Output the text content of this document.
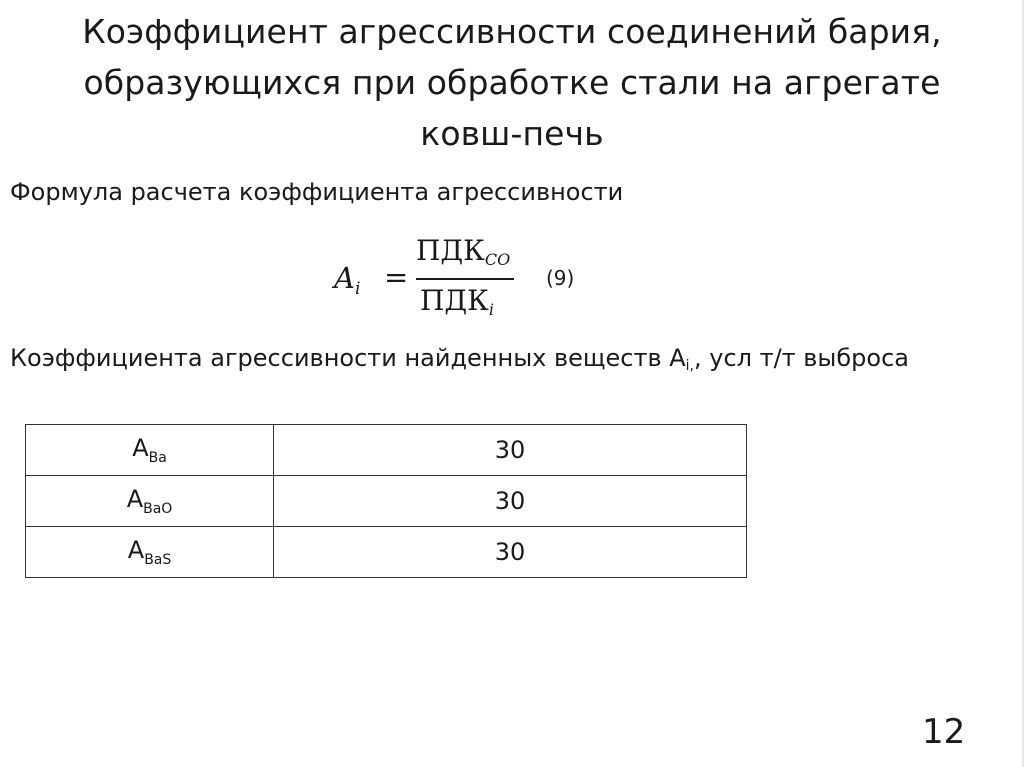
Коэффициент агрессивности соединений бария,
образующихся при обработке стали на агрегате
ковш-печь
Формула расчета коэффициента агрессивности
$A_i$ =
$ПДК_{CO}$
$ПДК_i$
(9)
Коэффициента агрессивности найденных веществ $А_{i,}$, усл т/т выброса
$А_{Ba}$	30
$А_{BaO}$	30
$А_{BaS}$	30
12
